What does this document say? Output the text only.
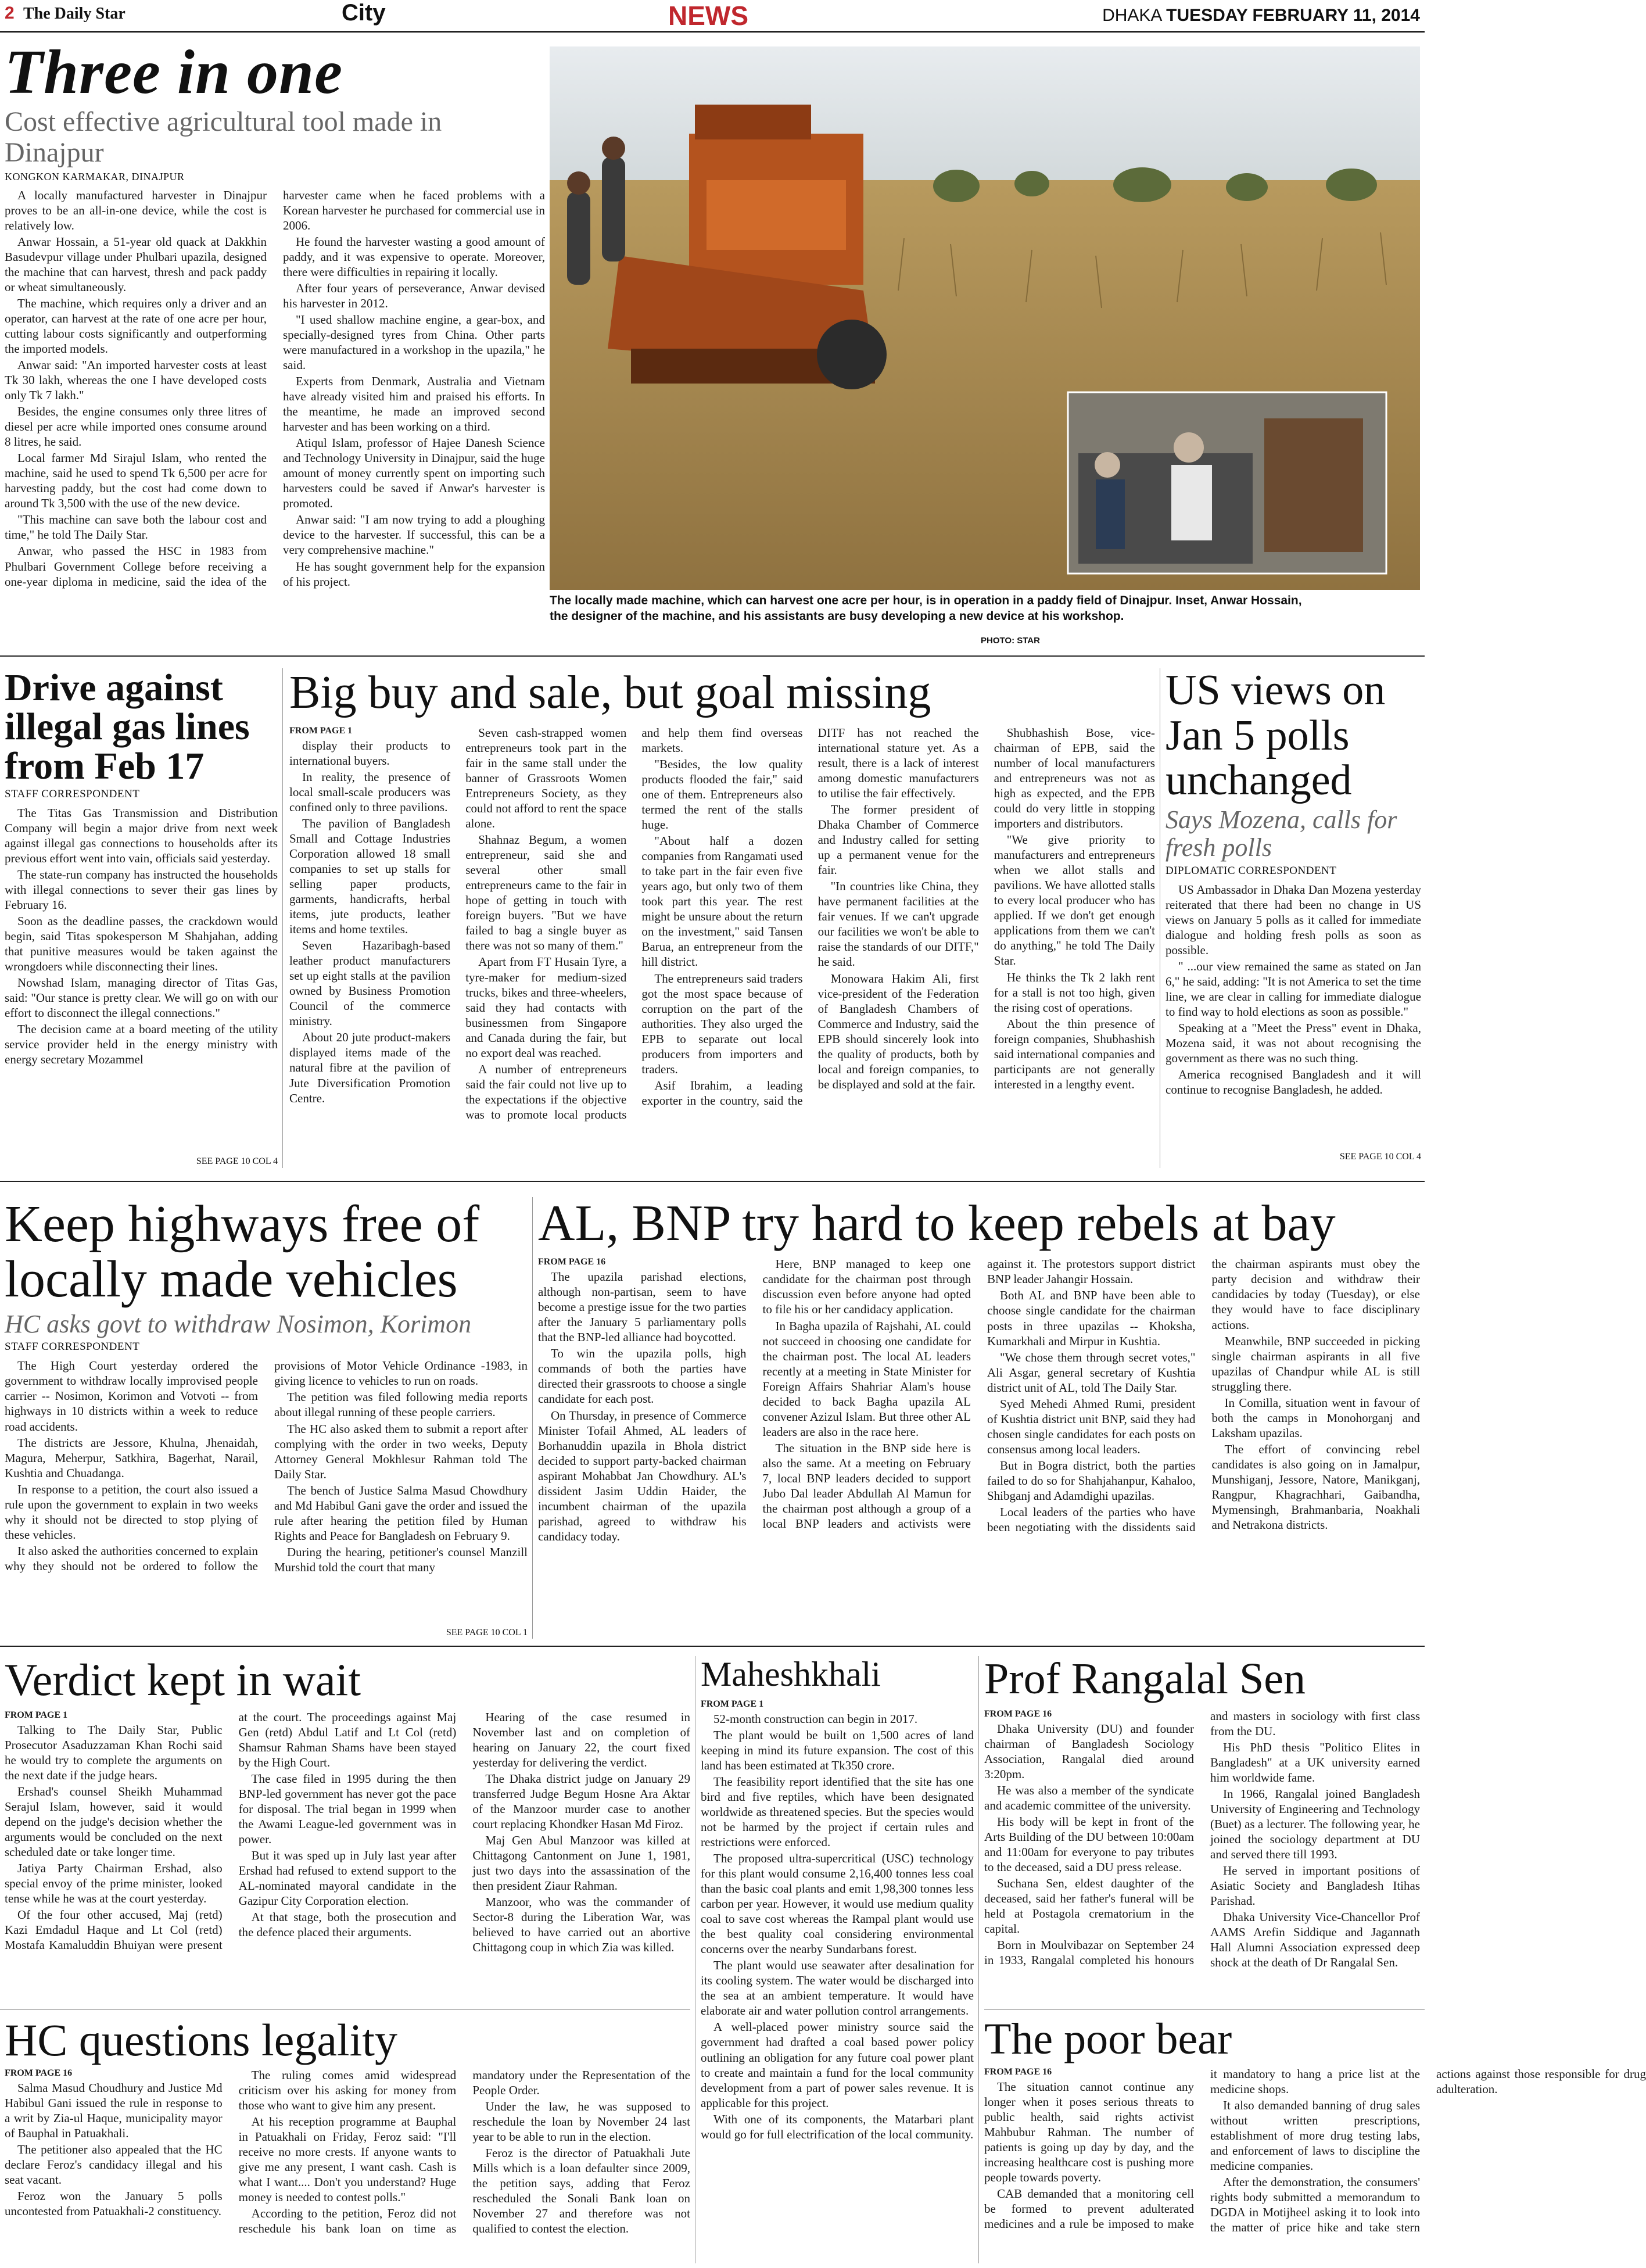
2 The Daily Star	City	NEWS	DHAKA TUESDAY FEBRUARY 11, 2014
Three in one
Cost effective agricultural tool made in Dinajpur
KONGKON KARMAKAR, DINAJPUR

A locally manufactured harvester in Dinajpur proves to be an all-in-one device, while the cost is relatively low.

Anwar Hossain, a 51-year old quack at Dakkhin Basudevpur village under Phulbari upazila, designed the machine that can harvest, thresh and pack paddy or wheat simultaneously.

The machine, which requires only a driver and an operator, can harvest at the rate of one acre per hour, cutting labour costs significantly and outperforming the imported models.

Anwar said: "An imported harvester costs at least Tk 30 lakh, whereas the one I have developed costs only Tk 7 lakh."

Besides, the engine consumes only three litres of diesel per acre while imported ones consume around 8 litres, he said.

Local farmer Md Sirajul Islam, who rented the machine, said he used to spend Tk 6,500 per acre for harvesting paddy, but the cost had come down to around Tk 3,500 with the use of the new device.

"This machine can save both the labour cost and time," he told The Daily Star.

Anwar, who passed the HSC in 1983 from Phulbari Government College before receiving a one-year diploma in medicine, said the idea of the harvester came when he faced problems with a Korean harvester he purchased for commercial use in 2006.

He found the harvester wasting a good amount of paddy, and it was expensive to operate. Moreover, there were difficulties in repairing it locally.

After four years of perseverance, Anwar devised his harvester in 2012.

"I used shallow machine engine, a gear-box, and specially-designed tyres from China. Other parts were manufactured in a workshop in the upazila," he said.

Experts from Denmark, Australia and Vietnam have already visited him and praised his efforts. In the meantime, he made an improved second harvester and has been working on a third.

Atiqul Islam, professor of Hajee Danesh Science and Technology University in Dinajpur, said the huge amount of money currently spent on importing such harvesters could be saved if Anwar's harvester is promoted.

Anwar said: "I am now trying to add a ploughing device to the harvester. If successful, this can be a very comprehensive machine."

He has sought government help for the expansion of his project.

The locally made machine, which can harvest one acre per hour, is in operation in a paddy field of Dinajpur. Inset, Anwar Hossain, the designer of the machine, and his assistants are busy developing a new device at his workshop.
PHOTO: STAR
Drive against illegal gas lines from Feb 17
STAFF CORRESPONDENT

The Titas Gas Transmission and Distribution Company will begin a major drive from next week against illegal gas connections to households after its previous effort went into vain, officials said yesterday.

The state-run company has instructed the households with illegal connections to sever their gas lines by February 16.

Soon as the deadline passes, the crackdown would begin, said Titas spokesperson M Shahjahan, adding that punitive measures would be taken against the wrongdoers while disconnecting their lines.

Nowshad Islam, managing director of Titas Gas, said: "Our stance is pretty clear. We will go on with our effort to disconnect the illegal connections."

The decision came at a board meeting of the utility service provider held in the energy ministry with energy secretary Mozammel

SEE PAGE 10 COL 4
Big buy and sale, but goal missing
FROM PAGE 1

display their products to international buyers.

In reality, the presence of local small-scale producers was confined only to three pavilions.

The pavilion of Bangladesh Small and Cottage Industries Corporation allowed 18 small companies to set up stalls for selling paper products, garments, handicrafts, herbal items, jute products, leather items and home textiles.

Seven Hazaribagh-based leather product manufacturers set up eight stalls at the pavilion owned by Business Promotion Council of the commerce ministry.

About 20 jute product-makers displayed items made of the natural fibre at the pavilion of Jute Diversification Promotion Centre.

Seven cash-strapped women entrepreneurs took part in the fair in the same stall under the banner of Grassroots Women Entrepreneurs Society, as they could not afford to rent the space alone.

Shahnaz Begum, a women entrepreneur, said she and several other small entrepreneurs came to the fair in hope of getting in touch with foreign buyers. "But we have failed to bag a single buyer as there was not so many of them."

Apart from FT Husain Tyre, a tyre-maker for medium-sized trucks, bikes and three-wheelers, said they had contacts with businessmen from Singapore and Canada during the fair, but no export deal was reached.

A number of entrepreneurs said the fair could not live up to the expectations if the objective was to promote local products and help them find overseas markets.

"Besides, the low quality products flooded the fair," said one of them. Entrepreneurs also termed the rent of the stalls huge.

"About half a dozen companies from Rangamati used to take part in the fair even five years ago, but only two of them took part this year. The rest might be unsure about the return on the investment," said Tansen Barua, an entrepreneur from the hill district.

The entrepreneurs said traders got the most space because of corruption on the part of the authorities. They also urged the EPB to separate out local producers from importers and traders.

Asif Ibrahim, a leading exporter in the country, said the DITF has not reached the international stature yet. As a result, there is a lack of interest among domestic manufacturers to utilise the fair effectively.

The former president of Dhaka Chamber of Commerce and Industry called for setting up a permanent venue for the fair.

"In countries like China, they have permanent facilities at the fair venues. If we can't upgrade our facilities we won't be able to raise the standards of our DITF," he said.

Monowara Hakim Ali, first vice-president of the Federation of Bangladesh Chambers of Commerce and Industry, said the EPB should sincerely look into the quality of products, both by local and foreign companies, to be displayed and sold at the fair.

Shubhashish Bose, vice-chairman of EPB, said the number of local manufacturers and entrepreneurs was not as high as expected, and the EPB could do very little in stopping importers and distributors.

"We give priority to manufacturers and entrepreneurs when we allot stalls and pavilions. We have allotted stalls to every local producer who has applied. If we don't get enough applications from them we can't do anything," he told The Daily Star.

He thinks the Tk 2 lakh rent for a stall is not too high, given the rising cost of operations.

About the thin presence of foreign companies, Shubhashish said international companies and participants are not generally interested in a lengthy event.

US views on Jan 5 polls unchanged
Says Mozena, calls for fresh polls
DIPLOMATIC CORRESPONDENT

US Ambassador in Dhaka Dan Mozena yesterday reiterated that there had been no change in US views on January 5 polls as it called for immediate dialogue and holding fresh polls as soon as possible.

" ...our view remained the same as stated on Jan 6," he said, adding: "It is not America to set the time line, we are clear in calling for immediate dialogue to find way to hold elections as soon as possible."

Speaking at a "Meet the Press" event in Dhaka, Mozena said, it was not about recognising the government as there was no such thing.

America recognised Bangladesh and it will continue to recognise Bangladesh, he added.

SEE PAGE 10 COL 4
Keep highways free of locally made vehicles
HC asks govt to withdraw Nosimon, Korimon
STAFF CORRESPONDENT

The High Court yesterday ordered the government to withdraw locally improvised people carrier -- Nosimon, Korimon and Votvoti -- from highways in 10 districts within a week to reduce road accidents.

The districts are Jessore, Khulna, Jhenaidah, Magura, Meherpur, Satkhira, Bagerhat, Narail, Kushtia and Chuadanga.

In response to a petition, the court also issued a rule upon the government to explain in two weeks why it should not be directed to stop plying of these vehicles.

It also asked the authorities concerned to explain why they should not be ordered to follow the provisions of Motor Vehicle Ordinance -1983, in giving licence to vehicles to run on roads.

The petition was filed following media reports about illegal running of these people carriers.

The HC also asked them to submit a report after complying with the order in two weeks, Deputy Attorney General Mokhlesur Rahman told The Daily Star.

The bench of Justice Salma Masud Chowdhury and Md Habibul Gani gave the order and issued the rule after hearing the petition filed by Human Rights and Peace for Bangladesh on February 9.

During the hearing, petitioner's counsel Manzill Murshid told the court that many

SEE PAGE 10 COL 1
AL, BNP try hard to keep rebels at bay
FROM PAGE 16

The upazila parishad elections, although non-partisan, seem to have become a prestige issue for the two parties after the January 5 parliamentary polls that the BNP-led alliance had boycotted.

To win the upazila polls, high commands of both the parties have directed their grassroots to choose a single candidate for each post.

On Thursday, in presence of Commerce Minister Tofail Ahmed, AL leaders of Borhanuddin upazila in Bhola district decided to support party-backed chairman aspirant Mohabbat Jan Chowdhury. AL's dissident Jasim Uddin Haider, the incumbent chairman of the upazila parishad, agreed to withdraw his candidacy today.

Here, BNP managed to keep one candidate for the chairman post through discussion even before anyone had opted to file his or her candidacy application.

In Bagha upazila of Rajshahi, AL could not succeed in choosing one candidate for the chairman post. The local AL leaders recently at a meeting in State Minister for Foreign Affairs Shahriar Alam's house decided to back Bagha upazila AL convener Azizul Islam. But three other AL leaders are also in the race here.

The situation in the BNP side here is also the same. At a meeting on February 7, local BNP leaders decided to support Jubo Dal leader Abdullah Al Mamun for the chairman post although a group of a local BNP leaders and activists were against it. The protestors support district BNP leader Jahangir Hossain.

Both AL and BNP have been able to choose single candidate for the chairman posts in three upazilas -- Khoksha, Kumarkhali and Mirpur in Kushtia.

"We chose them through secret votes," Ali Asgar, general secretary of Kushtia district unit of AL, told The Daily Star.

Syed Mehedi Ahmed Rumi, president of Kushtia district unit BNP, said they had chosen single candidates for each posts on consensus among local leaders.

But in Bogra district, both the parties failed to do so for Shahjahanpur, Kahaloo, Shibganj and Adamdighi upazilas.

Local leaders of the parties who have been negotiating with the dissidents said the chairman aspirants must obey the party decision and withdraw their candidacies by today (Tuesday), or else they would have to face disciplinary actions.

Meanwhile, BNP succeeded in picking single chairman aspirants in all five upazilas of Chandpur while AL is still struggling there.

In Comilla, situation went in favour of both the camps in Monohorganj and Laksham upazilas.

The effort of convincing rebel candidates is also going on in Jamalpur, Munshiganj, Jessore, Natore, Manikganj, Rangpur, Khagrachhari, Gaibandha, Mymensingh, Brahmanbaria, Noakhali and Netrakona districts.

Verdict kept in wait
FROM PAGE 1

Talking to The Daily Star, Public Prosecutor Asaduzzaman Khan Rochi said he would try to complete the arguments on the next date if the judge hears.

Ershad's counsel Sheikh Muhammad Serajul Islam, however, said it would depend on the judge's decision whether the arguments would be concluded on the next scheduled date or take longer time.

Jatiya Party Chairman Ershad, also special envoy of the prime minister, looked tense while he was at the court yesterday.

Of the four other accused, Maj (retd) Kazi Emdadul Haque and Lt Col (retd) Mostafa Kamaluddin Bhuiyan were present at the court. The proceedings against Maj Gen (retd) Abdul Latif and Lt Col (retd) Shamsur Rahman Shams have been stayed by the High Court.

The case filed in 1995 during the then BNP-led government has never got the pace for disposal. The trial began in 1999 when the Awami League-led government was in power.

But it was sped up in July last year after Ershad had refused to extend support to the AL-nominated mayoral candidate in the Gazipur City Corporation election.

At that stage, both the prosecution and the defence placed their arguments.

Hearing of the case resumed in November last and on completion of hearing on January 22, the court fixed yesterday for delivering the verdict.

The Dhaka district judge on January 29 transferred Judge Begum Hosne Ara Aktar of the Manzoor murder case to another court replacing Khondker Hasan Md Firoz.

Maj Gen Abul Manzoor was killed at Chittagong Cantonment on June 1, 1981, just two days into the assassination of the then president Ziaur Rahman.

Manzoor, who was the commander of Sector-8 during the Liberation War, was believed to have carried out an abortive Chittagong coup in which Zia was killed.

HC questions legality
FROM PAGE 16

Salma Masud Choudhury and Justice Md Habibul Gani issued the rule in response to a writ by Zia-ul Haque, municipality mayor of Bauphal in Patuakhali.

The petitioner also appealed that the HC declare Feroz's candidacy illegal and his seat vacant.

Feroz won the January 5 polls uncontested from Patuakhali-2 constituency.

The ruling comes amid widespread criticism over his asking for money from those who want to give him any present.

At his reception programme at Bauphal in Patuakhali on Friday, Feroz said: "I'll receive no more crests. If anyone wants to give me any present, I want cash. Cash is what I want.... Don't you understand? Huge money is needed to contest polls."

According to the petition, Feroz did not reschedule his bank loan on time as mandatory under the Representation of the People Order.

Under the law, he was supposed to reschedule the loan by November 24 last year to be able to run in the election.

Feroz is the director of Patuakhali Jute Mills which is a loan defaulter since 2009, the petition says, adding that Feroz rescheduled the Sonali Bank loan on November 27 and therefore was not qualified to contest the election.

Maheshkhali
FROM PAGE 1

52-month construction can begin in 2017.

The plant would be built on 1,500 acres of land keeping in mind its future expansion. The cost of this land has been estimated at Tk350 crore.

The feasibility report identified that the site has one bird and five reptiles, which have been designated worldwide as threatened species. But the species would not be harmed by the project if certain rules and restrictions were enforced.

The proposed ultra-supercritical (USC) technology for this plant would consume 2,16,400 tonnes less coal than the basic coal plants and emit 1,98,300 tonnes less carbon per year. However, it would use medium quality coal to save cost whereas the Rampal plant would use the best quality coal considering environmental concerns over the nearby Sundarbans forest.

The plant would use seawater after desalination for its cooling system. The water would be discharged into the sea at an ambient temperature. It would have elaborate air and water pollution control arrangements.

A well-placed power ministry source said the government had drafted a coal based power policy outlining an obligation for any future coal power plant to create and maintain a fund for the local community development from a part of power sales revenue. It is applicable for this project.

With one of its components, the Matarbari plant would go for full electrification of the local community.

Prof Rangalal Sen
FROM PAGE 16

Dhaka University (DU) and founder chairman of Bangladesh Sociology Association, Rangalal died around 3:20pm.

He was also a member of the syndicate and academic committee of the university.

His body will be kept in front of the Arts Building of the DU between 10:00am and 11:00am for everyone to pay tributes to the deceased, said a DU press release.

Suchana Sen, eldest daughter of the deceased, said her father's funeral will be held at Postagola crematorium in the capital.

Born in Moulvibazar on September 24 in 1933, Rangalal completed his honours and masters in sociology with first class from the DU.

His PhD thesis "Politico Elites in Bangladesh" at a UK university earned him worldwide fame.

In 1966, Rangalal joined Bangladesh University of Engineering and Technology (Buet) as a lecturer. The following year, he joined the sociology department at DU and served there till 1993.

He served in important positions of Asiatic Society and Bangladesh Itihas Parishad.

Dhaka University Vice-Chancellor Prof AAMS Arefin Siddique and Jagannath Hall Alumni Association expressed deep shock at the death of Dr Rangalal Sen.

The poor bear
FROM PAGE 16

The situation cannot continue any longer when it poses serious threats to public health, said rights activist Mahbubur Rahman. The number of patients is going up day by day, and the increasing healthcare cost is pushing more people towards poverty.

CAB demanded that a monitoring cell be formed to prevent adulterated medicines and a rule be imposed to make it mandatory to hang a price list at the medicine shops.

It also demanded banning of drug sales without written prescriptions, establishment of more drug testing labs, and enforcement of laws to discipline the medicine companies.

After the demonstration, the consumers' rights body submitted a memorandum to DGDA in Motijheel asking it to look into the matter of price hike and take stern actions against those responsible for drug adulteration.
